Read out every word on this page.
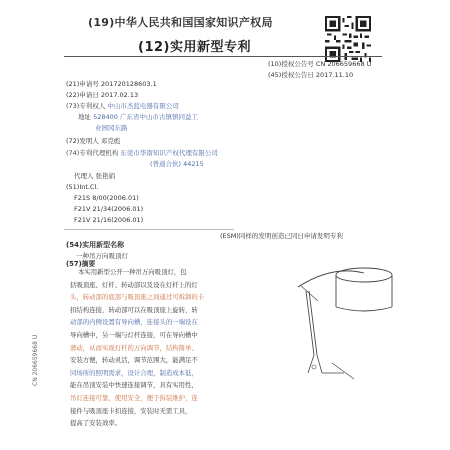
(19)中华人民共和国国家知识产权局
(12)实用新型专利
(10)授权公告号 CN 206659668 U
(45)授权公告日 2017.11.10
(21)申请号 201720128603.1
(22)申请日 2017.02.13
(73)专利权人 中山市杰蓝电器有限公司
地址 528400 广东省中山市古镇镇同益工
业园冈东路
(72)发明人 邓克彪
(74)专利代理机构 东莞市华南知识产权代理有限公司
(普通合伙) 44215
代理人 张艳娟
(51)Int.Cl.
F21S 8/00(2006.01)
F21V 21/34(2006.01)
F21V 21/16(2006.01)
(ESM)同样的发明创造已同日申请发明专利
(54)实用新型名称
一种吊万向吸顶灯
(57)摘要
本实用新型公开一种吊万向吸顶灯，包
括吸顶座、灯杆、转动部以及设在灯杆上的灯
头，转动部的底部与吸顶座之间通过可拆卸的卡
扣结构连接，转动部可以在吸顶座上旋转，转
动部的内侧设置有导向槽，连接头的一端设在
导向槽中，另一端与灯杆连接，可在导向槽中
滑动，从而实现灯杆的万向调节，结构简单、
安装方便，转动灵活，调节范围大，能满足不
同场所的照明需求，设计合理，制造成本低，
能在吊顶安装中快速连接调节，具有实用性，
吊灯连接可靠，使用安全，便于拆装维护，连
接件与吸顶座卡扣连接，安装时无需工具，
提高了安装效率。
CN 206659668 U
